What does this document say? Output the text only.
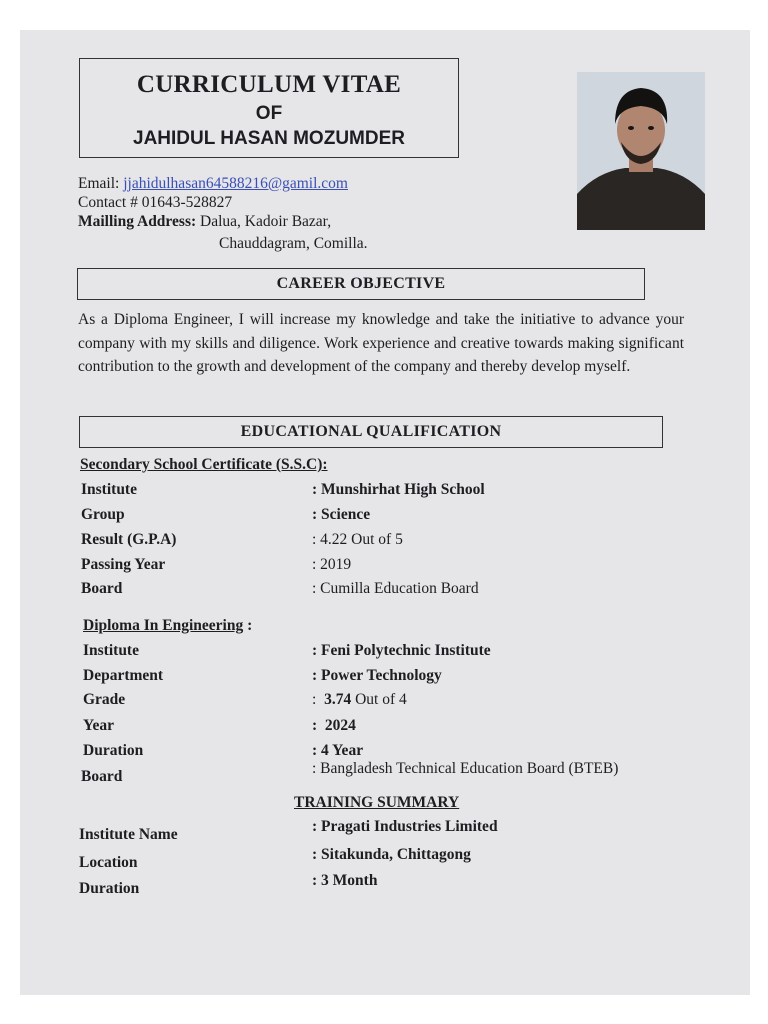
CURRICULUM VITAE
OF
JAHIDUL HASAN MOZUMDER
Email: jjahidulhasan64588216@gamil.com
Contact # 01643-528827
Mailling Address: Dalua, Kadoir Bazar,
Chauddagram, Comilla.
CAREER OBJECTIVE
As a Diploma Engineer, I will increase my knowledge and take the initiative to advance your company with my skills and diligence. Work experience and creative towards making significant contribution to the growth and development of the company and thereby develop myself.
EDUCATIONAL QUALIFICATION
Secondary School Certificate (S.S.C):
Institute	: Munshirhat High School
Group	: Science
Result (G.P.A)	: 4.22 Out of 5
Passing Year	: 2019
Board	: Cumilla Education Board
Diploma In Engineering :
Institute	: Feni Polytechnic Institute
Department	: Power Technology
Grade	:  3.74 Out of 4
Year	:  2024
Duration	: 4 Year
Board	: Bangladesh Technical Education Board (BTEB)
TRAINING SUMMARY
Institute Name	: Pragati Industries Limited
Location	: Sitakunda, Chittagong
Duration	: 3 Month
